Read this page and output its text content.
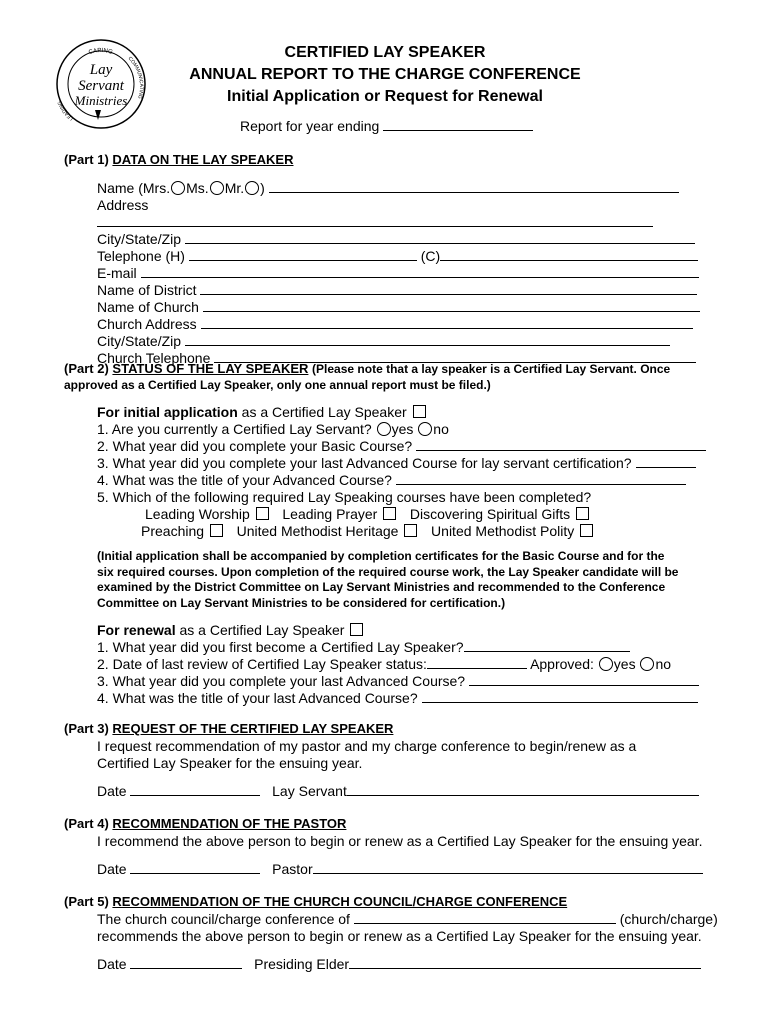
CARING
COMMUNICATING
LEADING
Lay
Servant
Ministries
CERTIFIED LAY SPEAKER
ANNUAL REPORT TO THE CHARGE CONFERENCE
Initial Application or Request for Renewal
Report for year ending
(Part 1) DATA ON THE LAY SPEAKER
Name (Mrs. Ms. Mr. )
Address
City/State/Zip
Telephone (H)	(C)
E-mail
Name of District
Name of Church
Church Address
City/State/Zip
Church Telephone
(Part 2) STATUS OF THE LAY SPEAKER (Please note that a lay speaker is a Certified Lay Servant. Once
approved as a Certified Lay Speaker, only one annual report must be filed.)
For initial application as a Certified Lay Speaker
1. Are you currently a Certified Lay Servant? yes no
2. What year did you complete your Basic Course?
3. What year did you complete your last Advanced Course for lay servant certification?
4. What was the title of your Advanced Course?
5. Which of the following required Lay Speaking courses have been completed?
Leading Worship Leading Prayer Discovering Spiritual Gifts
Preaching United Methodist Heritage United Methodist Polity
(Initial application shall be accompanied by completion certificates for the Basic Course and for the
six required courses. Upon completion of the required course work, the Lay Speaker candidate will be
examined by the District Committee on Lay Servant Ministries and recommended to the Conference
Committee on Lay Servant Ministries to be considered for certification.)
For renewal as a Certified Lay Speaker
1. What year did you first become a Certified Lay Speaker?
2. Date of last review of Certified Lay Speaker status:	Approved: yes no
3. What year did you complete your last Advanced Course?
4. What was the title of your last Advanced Course?
(Part 3) REQUEST OF THE CERTIFIED LAY SPEAKER
I request recommendation of my pastor and my charge conference to begin/renew as a
Certified Lay Speaker for the ensuing year.
Date	Lay Servant
(Part 4) RECOMMENDATION OF THE PASTOR
I recommend the above person to begin or renew as a Certified Lay Speaker for the ensuing year.
Date	Pastor
(Part 5) RECOMMENDATION OF THE CHURCH COUNCIL/CHARGE CONFERENCE
The church council/charge conference of	(church/charge)
recommends the above person to begin or renew as a Certified Lay Speaker for the ensuing year.
Date	Presiding Elder
